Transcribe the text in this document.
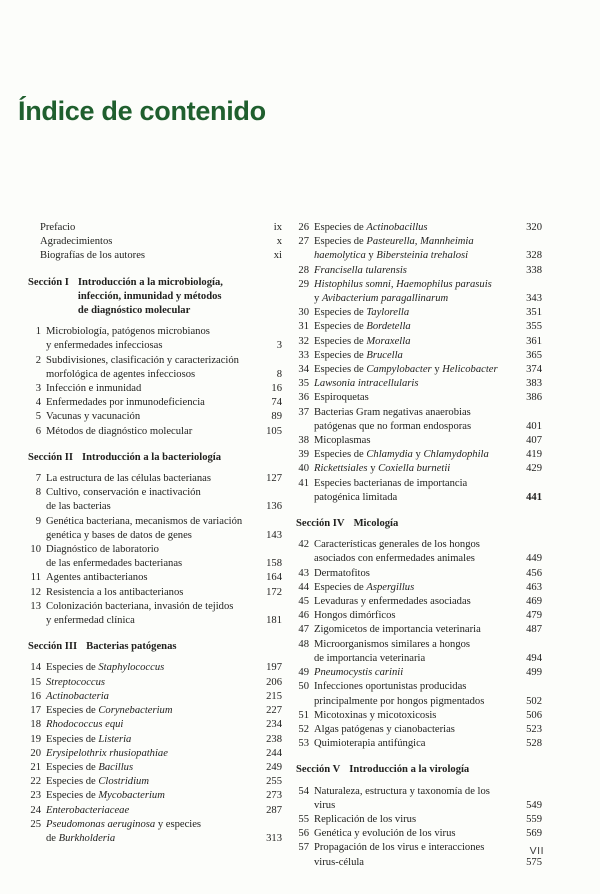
Índice de contenido
Prefacio	ix
Agradecimientos	x
Biografías de los autores	xi
Sección I Introducción a la microbiología,
infección, inmunidad y métodos
de diagnóstico molecular
1 Microbiología, patógenos microbianos
y enfermedades infecciosas	3
2 Subdivisiones, clasificación y caracterización
morfológica de agentes infecciosos	8
3 Infección e inmunidad	16
4 Enfermedades por inmunodeficiencia	74
5 Vacunas y vacunación	89
6 Métodos de diagnóstico molecular	105
Sección II Introducción a la bacteriología
7 La estructura de las células bacterianas	127
8 Cultivo, conservación e inactivación
de las bacterias	136
9 Genética bacteriana, mecanismos de variación
genética y bases de datos de genes	143
10 Diagnóstico de laboratorio
de las enfermedades bacterianas	158
11 Agentes antibacterianos	164
12 Resistencia a los antibacterianos	172
13 Colonización bacteriana, invasión de tejidos
y enfermedad clínica	181
Sección III Bacterias patógenas
14 Especies de Staphylococcus	197
15 Streptococcus	206
16 Actinobacteria	215
17 Especies de Corynebacterium	227
18 Rhodococcus equi	234
19 Especies de Listeria	238
20 Erysipelothrix rhusiopathiae	244
21 Especies de Bacillus	249
22 Especies de Clostridium	255
23 Especies de Mycobacterium	273
24 Enterobacteriaceae	287
25 Pseudomonas aeruginosa y especies
de Burkholderia	313
26 Especies de Actinobacillus	320
27 Especies de Pasteurella, Mannheimia
haemolytica y Bibersteinia trehalosi	328
28 Francisella tularensis	338
29 Histophilus somni, Haemophilus parasuis
y Avibacterium paragallinarum	343
30 Especies de Taylorella	351
31 Especies de Bordetella	355
32 Especies de Moraxella	361
33 Especies de Brucella	365
34 Especies de Campylobacter y Helicobacter	374
35 Lawsonia intracellularis	383
36 Espiroquetas	386
37 Bacterias Gram negativas anaerobias
patógenas que no forman endosporas	401
38 Micoplasmas	407
39 Especies de Chlamydia y Chlamydophila	419
40 Rickettsiales y Coxiella burnetii	429
41 Especies bacterianas de importancia
patogénica limitada	441
Sección IV Micología
42 Características generales de los hongos
asociados con enfermedades animales	449
43 Dermatofitos	456
44 Especies de Aspergillus	463
45 Levaduras y enfermedades asociadas	469
46 Hongos dimórficos	479
47 Zigomicetos de importancia veterinaria	487
48 Microorganismos similares a hongos
de importancia veterinaria	494
49 Pneumocystis carinii	499
50 Infecciones oportunistas producidas
principalmente por hongos pigmentados	502
51 Micotoxinas y micotoxicosis	506
52 Algas patógenas y cianobacterias	523
53 Quimioterapia antifúngica	528
Sección V Introducción a la virología
54 Naturaleza, estructura y taxonomía de los virus	549
55 Replicación de los virus	559
56 Genética y evolución de los virus	569
57 Propagación de los virus e interacciones
virus-célula	575
VII
